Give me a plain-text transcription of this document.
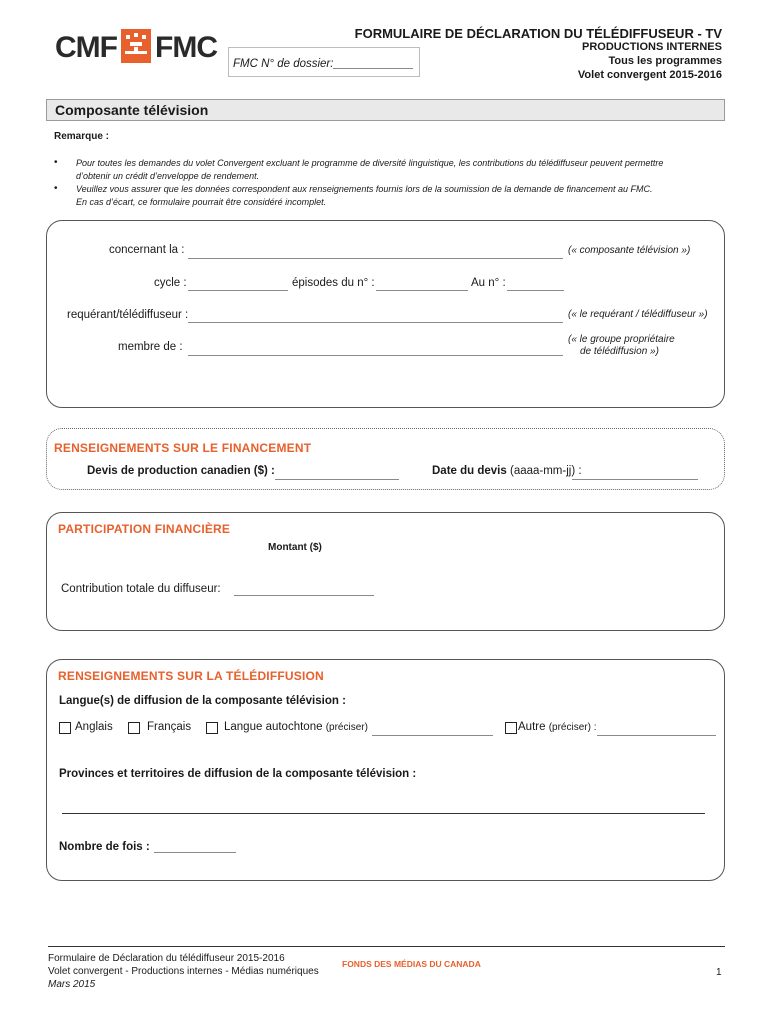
CMF FMC FMC N° de dossier:
FORMULAIRE DE DÉCLARATION DU TÉLÉDIFFUSEUR - TV
PRODUCTIONS INTERNES
Tous les programmes
Volet convergent 2015-2016
Composante télévision
Remarque :
• Pour toutes les demandes du volet Convergent excluant le programme de diversité linguistique, les contributions du télédiffuseur peuvent permettre
d’obtenir un crédit d’enveloppe de rendement.
• Veuillez vous assurer que les données correspondent aux renseignements fournis lors de la soumission de la demande de financement au FMC.
En cas d’écart, ce formulaire pourrait être considéré incomplet.
concernant la :	(« composante télévision »)
cycle :	épisodes du n° :	Au n° :
requérant/télédiffuseur :	(« le requérant / télédiffuseur »)
membre de :
(« le groupe propriétaire
de télédiffusion »)
RENSEIGNEMENTS SUR LE FINANCEMENT
Devis de production canadien ($) :	Date du devis (aaaa-mm-jj) :
PARTICIPATION FINANCIÈRE
Montant ($)
Contribution totale du diffuseur:
RENSEIGNEMENTS SUR LA TÉLÉDIFFUSION
Langue(s) de diffusion de la composante télévision :
Anglais	Français	Langue autochtone (préciser)	Autre (préciser) :
Provinces et territoires de diffusion de la composante télévision :
Nombre de fois :
Formulaire de Déclaration du télédiffuseur 2015-2016
Volet convergent - Productions internes - Médias numériques
Mars 2015
FONDS DES MÉDIAS DU CANADA
1
